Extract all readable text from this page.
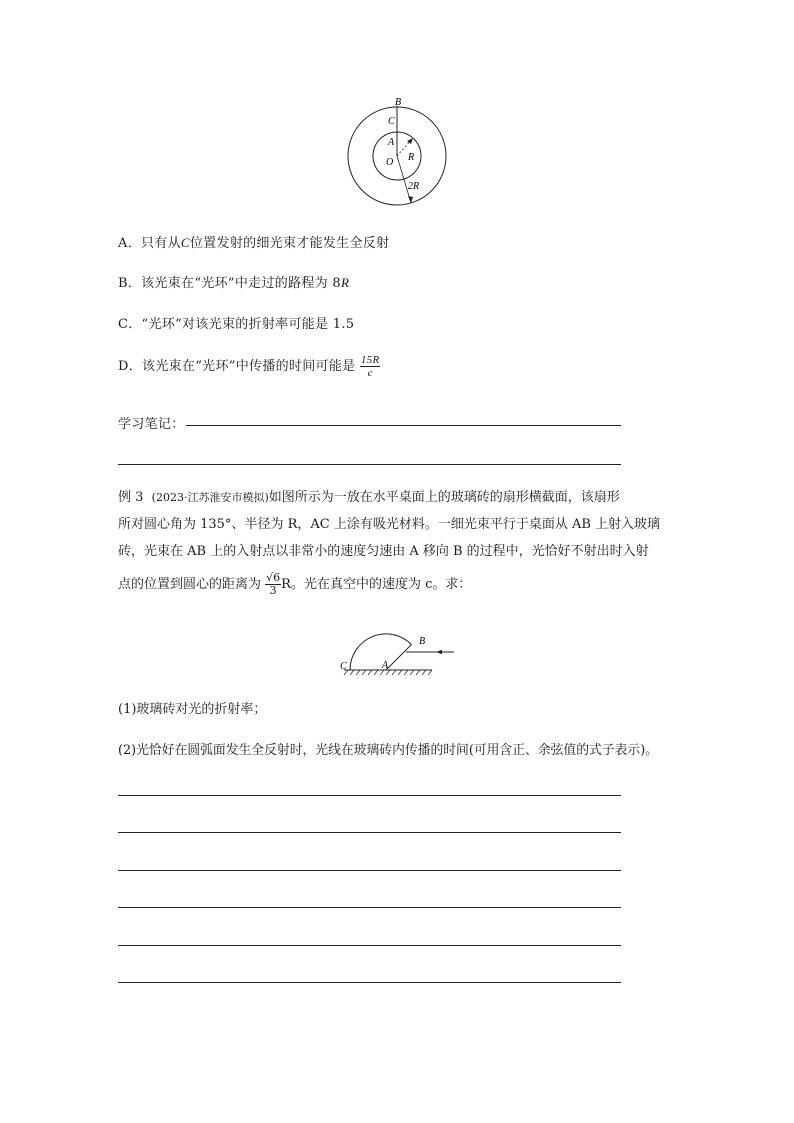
B
C
A
O R
2R
A．只有从C位置发射的细光束才能发生全反射
B．该光束在“光环”中走过的路程为 8R
C．“光环”对该光束的折射率可能是 1.5
D．该光束在“光环”中传播的时间可能是 $\frac{15R}{c}$
学习笔记：
例 3 (2023·江苏淮安市模拟)如图所示为一放在水平桌面上的玻璃砖的扇形横截面，该扇形
所对圆心角为 135°、半径为 R，AC 上涂有吸光材料。一细光束平行于桌面从 AB 上射入玻璃
砖，光束在 AB 上的入射点以非常小的速度匀速由 A 移向 B 的过程中，光恰好不射出时入射
点的位置到圆心的距离为 $\frac{√6}{3}$ R。光在真空中的速度为 c。求：
C	A
B
(1)玻璃砖对光的折射率；
(2)光恰好在圆弧面发生全反射时，光线在玻璃砖内传播的时间(可用含正、余弦值的式子表示)。
